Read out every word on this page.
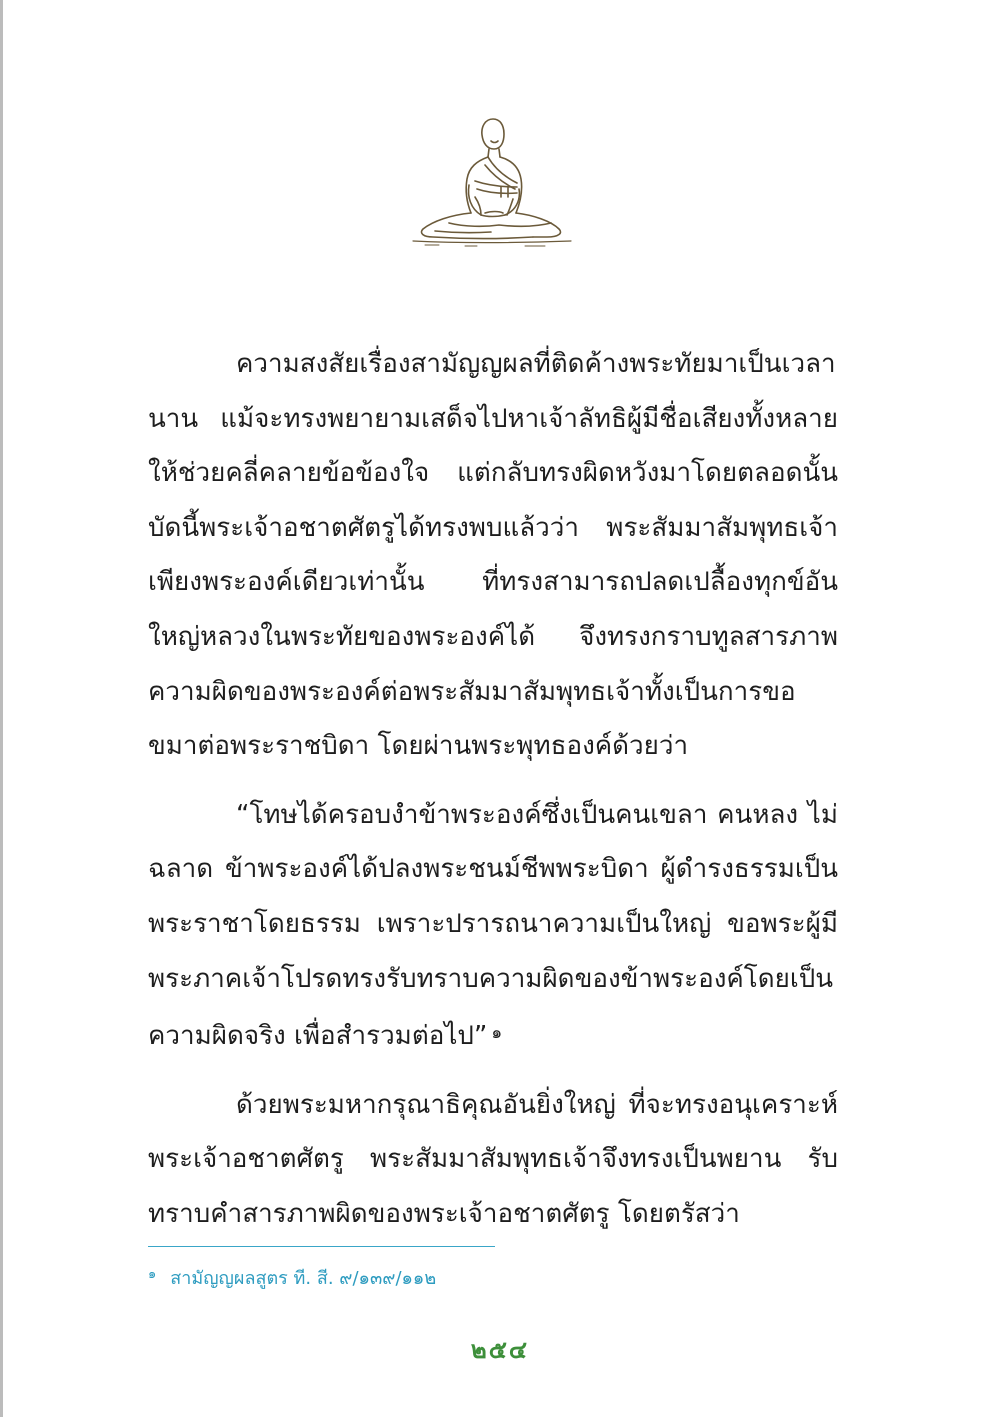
ความสงสัยเรื่องสามัญญผลที่ติดค้างพระทัยมาเป็นเวลานาน แม้จะทรงพยายามเสด็จไปหาเจ้าลัทธิผู้มีชื่อเสียงทั้งหลายให้ช่วยคลี่คลายข้อข้องใจ แต่กลับทรงผิดหวังมาโดยตลอดนั้น บัดนี้พระเจ้าอชาตศัตรูได้ทรงพบแล้วว่า พระสัมมาสัมพุทธเจ้าเพียงพระองค์เดียวเท่านั้น ที่ทรงสามารถปลดเปลื้องทุกข์อันใหญ่หลวงในพระทัยของพระองค์ได้ จึงทรงกราบทูลสารภาพความผิดของพระองค์ต่อพระสัมมาสัมพุทธเจ้าทั้งเป็นการขอขมาต่อพระราชบิดา โดยผ่านพระพุทธองค์ด้วยว่า

“โทษได้ครอบงำข้าพระองค์ซึ่งเป็นคนเขลา คนหลง ไม่ฉลาด ข้าพระองค์ได้ปลงพระชนม์ชีพพระบิดา ผู้ดำรงธรรมเป็นพระราชาโดยธรรม เพราะปรารถนาความเป็นใหญ่ ขอพระผู้มีพระภาคเจ้าโปรดทรงรับทราบความผิดของข้าพระองค์โดยเป็นความผิดจริง เพื่อสำรวมต่อไป” $^๑$

ด้วยพระมหากรุณาธิคุณอันยิ่งใหญ่ ที่จะทรงอนุเคราะห์พระเจ้าอชาตศัตรู พระสัมมาสัมพุทธเจ้าจึงทรงเป็นพยาน รับทราบคำสารภาพผิดของพระเจ้าอชาตศัตรู โดยตรัสว่า

$^๑$ สามัญญผลสูตร ที. สี. ๙/๑๓๙/๑๑๒
๒๕๔
